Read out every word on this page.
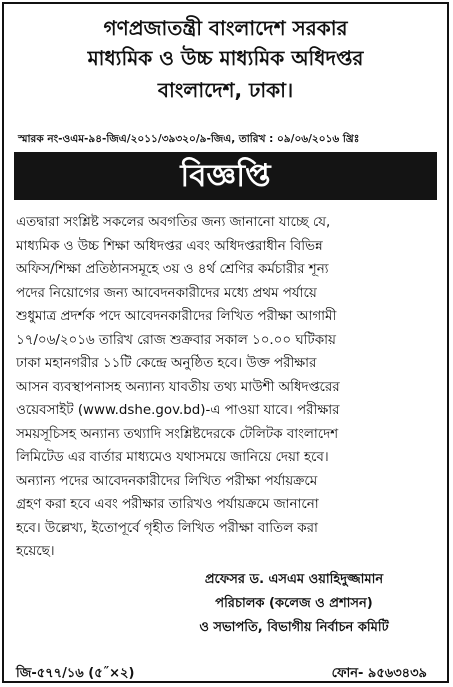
গণপ্রজাতন্ত্রী বাংলাদেশ সরকার
মাধ্যমিক ও উচ্চ মাধ্যমিক অধিদপ্তর
বাংলাদেশ, ঢাকা।
স্মারক নং-ওএম-৯৪-জিএ/২০১১/৩৯৩২০/৯-জিএ, তারিখ : ০৯/০৬/২০১৬ খ্রিঃ
বিজ্ঞপ্তি
এতদ্বারা সংশ্লিষ্ট সকলের অবগতির জন্য জানানো যাচ্ছে যে,
মাধ্যমিক ও উচ্চ শিক্ষা অধিদপ্তর এবং অধিদপ্তরাধীন বিভিন্ন
অফিস/শিক্ষা প্রতিষ্ঠানসমূহে ৩য় ও ৪র্থ শ্রেণির কর্মচারীর শূন্য
পদের নিয়োগের জন্য আবেদনকারীদের মধ্যে প্রথম পর্যায়ে
শুধুমাত্র প্রদর্শক পদে আবেদনকারীদের লিখিত পরীক্ষা আগামী
১৭/০৬/২০১৬ তারিখ রোজ শুক্রবার সকাল ১০.০০ ঘটিকায়
ঢাকা মহানগরীর ১১টি কেন্দ্রে অনুষ্ঠিত হবে। উক্ত পরীক্ষার
আসন ব্যবস্থাপনাসহ অন্যান্য যাবতীয় তথ্য মাউশী অধিদপ্তরের
ওয়েবসাইট (www.dshe.gov.bd)-এ পাওয়া যাবে। পরীক্ষার
সময়সূচিসহ অন্যান্য তথ্যাদি সংশ্লিষ্টদেরকে টেলিটক বাংলাদেশ
লিমিটেড এর বার্তার মাধ্যমেও যথাসময়ে জানিয়ে দেয়া হবে।
অন্যান্য পদের আবেদনকারীদের লিখিত পরীক্ষা পর্যায়ক্রমে
গ্রহণ করা হবে এবং পরীক্ষার তারিখও পর্যায়ক্রমে জানানো
হবে। উল্লেখ্য, ইতোপূর্বে গৃহীত লিখিত পরীক্ষা বাতিল করা
হয়েছে।
প্রফেসর ড. এসএম ওয়াহিদুজ্জামান
পরিচালক (কলেজ ও প্রশাসন)
ও সভাপতি, বিভাগীয় নির্বাচন কমিটি
জি-৫৭৭/১৬ (৫˝×২)	ফোন- ৯৫৬৩৪৩৯
